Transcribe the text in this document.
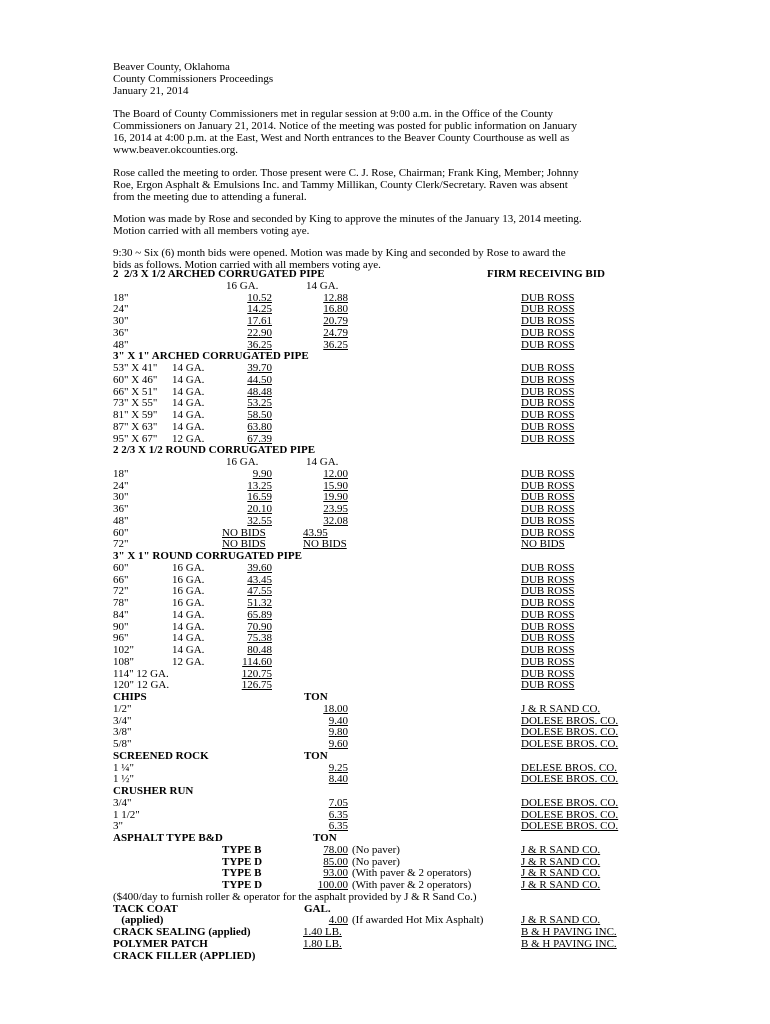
Beaver County, Oklahoma
County Commissioners Proceedings
January 21, 2014
The Board of County Commissioners met in regular session at 9:00 a.m. in the Office of the County
Commissioners on January 21, 2014. Notice of the meeting was posted for public information on January
16, 2014 at 4:00 p.m. at the East, West and North entrances to the Beaver County Courthouse as well as
www.beaver.okcounties.org.
Rose called the meeting to order. Those present were C. J. Rose, Chairman; Frank King, Member; Johnny
Roe, Ergon Asphalt & Emulsions Inc. and Tammy Millikan, County Clerk/Secretary. Raven was absent
from the meeting due to attending a funeral.
Motion was made by Rose and seconded by King to approve the minutes of the January 13, 2014 meeting.
Motion carried with all members voting aye.
9:30 ~ Six (6) month bids were opened. Motion was made by King and seconded by Rose to award the
bids as follows. Motion carried with all members voting aye.
2  2/3 X 1/2 ARCHED CORRUGATED PIPE	FIRM RECEIVING BID
16 GA.	14 GA.
18"	10.52	12.88	DUB ROSS
24"	14.25	16.80	DUB ROSS
30"	17.61	20.79	DUB ROSS
36"	22.90	24.79	DUB ROSS
48"	36.25	36.25	DUB ROSS
3" X 1" ARCHED CORRUGATED PIPE
53" X 41" 14 GA.	39.70	DUB ROSS
60" X 46" 14 GA.	44.50	DUB ROSS
66" X 51" 14 GA.	48.48	DUB ROSS
73" X 55" 14 GA.	53.25	DUB ROSS
81" X 59" 14 GA.	58.50	DUB ROSS
87" X 63" 14 GA.	63.80	DUB ROSS
95" X 67" 12 GA.	67.39	DUB ROSS
2 2/3 X 1/2 ROUND CORRUGATED PIPE
16 GA.	14 GA.
18"	9.90	12.00	DUB ROSS
24"	13.25	15.90	DUB ROSS
30"	16.59	19.90	DUB ROSS
36"	20.10	23.95	DUB ROSS
48"	32.55	32.08	DUB ROSS
60"	NO BIDS	43.95	DUB ROSS
72"	NO BIDS	NO BIDS	NO BIDS
3" X 1" ROUND CORRUGATED PIPE
60"	16 GA.	39.60	DUB ROSS
66"	16 GA.	43.45	DUB ROSS
72"	16 GA.	47.55	DUB ROSS
78"	16 GA.	51.32	DUB ROSS
84"	14 GA.	65.89	DUB ROSS
90"	14 GA.	70.90	DUB ROSS
96"	14 GA.	75.38	DUB ROSS
102"	14 GA.	80.48	DUB ROSS
108"	12 GA.	114.60	DUB ROSS
114" 12 GA.	120.75	DUB ROSS
120" 12 GA.	126.75	DUB ROSS
CHIPS	TON
1/2"	18.00	J & R SAND CO.
3/4"	9.40	DOLESE BROS. CO.
3/8"	9.80	DOLESE BROS. CO.
5/8"	9.60	DOLESE BROS. CO.
SCREENED ROCK	TON
1 ¼"	9.25	DELESE BROS. CO.
1 ½"	8.40	DOLESE BROS. CO.
CRUSHER RUN
3/4"	7.05	DOLESE BROS. CO.
1 1/2"	6.35	DOLESE BROS. CO.
3"	6.35	DOLESE BROS. CO.
ASPHALT TYPE B&D	TON
TYPE B	78.00 (No paver)	J & R SAND CO.
TYPE D	85.00 (No paver)	J & R SAND CO.
TYPE B	93.00 (With paver & 2 operators)	J & R SAND CO.
TYPE D	100.00 (With paver & 2 operators)	J & R SAND CO.
($400/day to furnish roller & operator for the asphalt provided by J & R Sand Co.)
TACK COAT	GAL.
(applied)	4.00 (If awarded Hot Mix Asphalt)	J & R SAND CO.
CRACK SEALING (applied)	1.40 LB.	B & H PAVING INC.
POLYMER PATCH	1.80 LB.	B & H PAVING INC.
CRACK FILLER (APPLIED)
